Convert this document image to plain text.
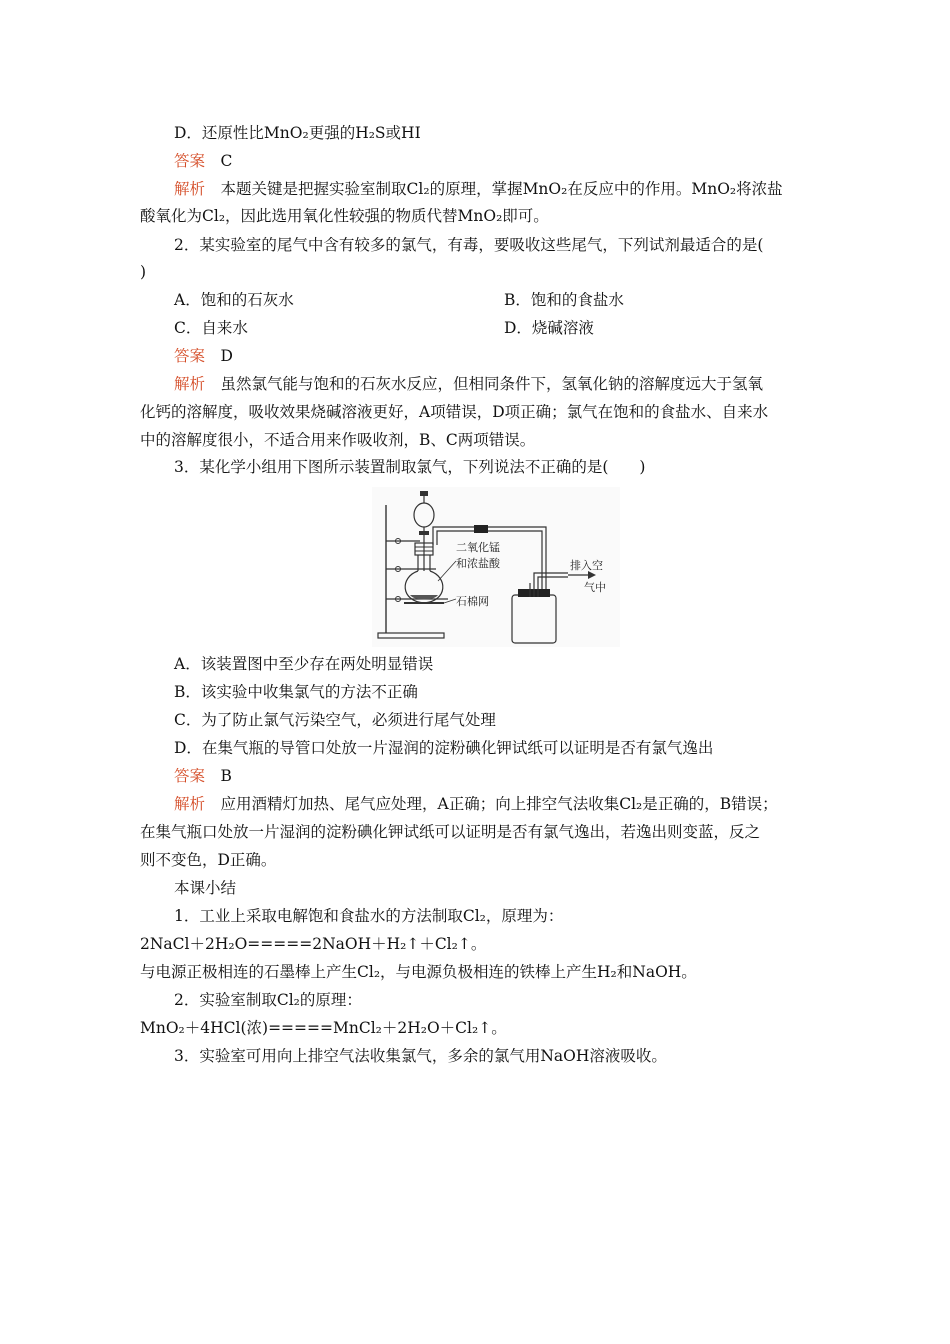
D．还原性比MnO₂更强的H₂S或HI
答案　 C
解析　 本题关键是把握实验室制取Cl₂的原理，掌握MnO₂在反应中的作用。MnO₂将浓盐
酸氧化为Cl₂，因此选用氧化性较强的物质代替MnO₂即可。
2．某实验室的尾气中含有较多的氯气，有毒，要吸收这些尾气，下列试剂最适合的是(
)
A．饱和的石灰水	B．饱和的食盐水
C．自来水	D．烧碱溶液
答案　 D
解析　 虽然氯气能与饱和的石灰水反应，但相同条件下，氢氧化钠的溶解度远大于氢氧
化钙的溶解度，吸收效果烧碱溶液更好，A项错误，D项正确；氯气在饱和的食盐水、自来水
中的溶解度很小，不适合用来作吸收剂，B、C两项错误。
3．某化学小组用下图所示装置制取氯气，下列说法不正确的是(　　)
二氧化锰
和浓盐酸
石棉网
排入空
气中
A．该装置图中至少存在两处明显错误
B．该实验中收集氯气的方法不正确
C．为了防止氯气污染空气，必须进行尾气处理
D．在集气瓶的导管口处放一片湿润的淀粉碘化钾试纸可以证明是否有氯气逸出
答案　 B
解析　 应用酒精灯加热、尾气应处理，A正确；向上排空气法收集Cl₂是正确的，B错误；
在集气瓶口处放一片湿润的淀粉碘化钾试纸可以证明是否有氯气逸出，若逸出则变蓝，反之
则不变色，D正确。
本课小结
1．工业上采取电解饱和食盐水的方法制取Cl₂，原理为：
2NaCl＋2H₂O=====2NaOH＋H₂↑＋Cl₂↑。
与电源正极相连的石墨棒上产生Cl₂，与电源负极相连的铁棒上产生H₂和NaOH。
2．实验室制取Cl₂的原理：
MnO₂＋4HCl(浓)=====MnCl₂＋2H₂O＋Cl₂↑。
3．实验室可用向上排空气法收集氯气，多余的氯气用NaOH溶液吸收。
